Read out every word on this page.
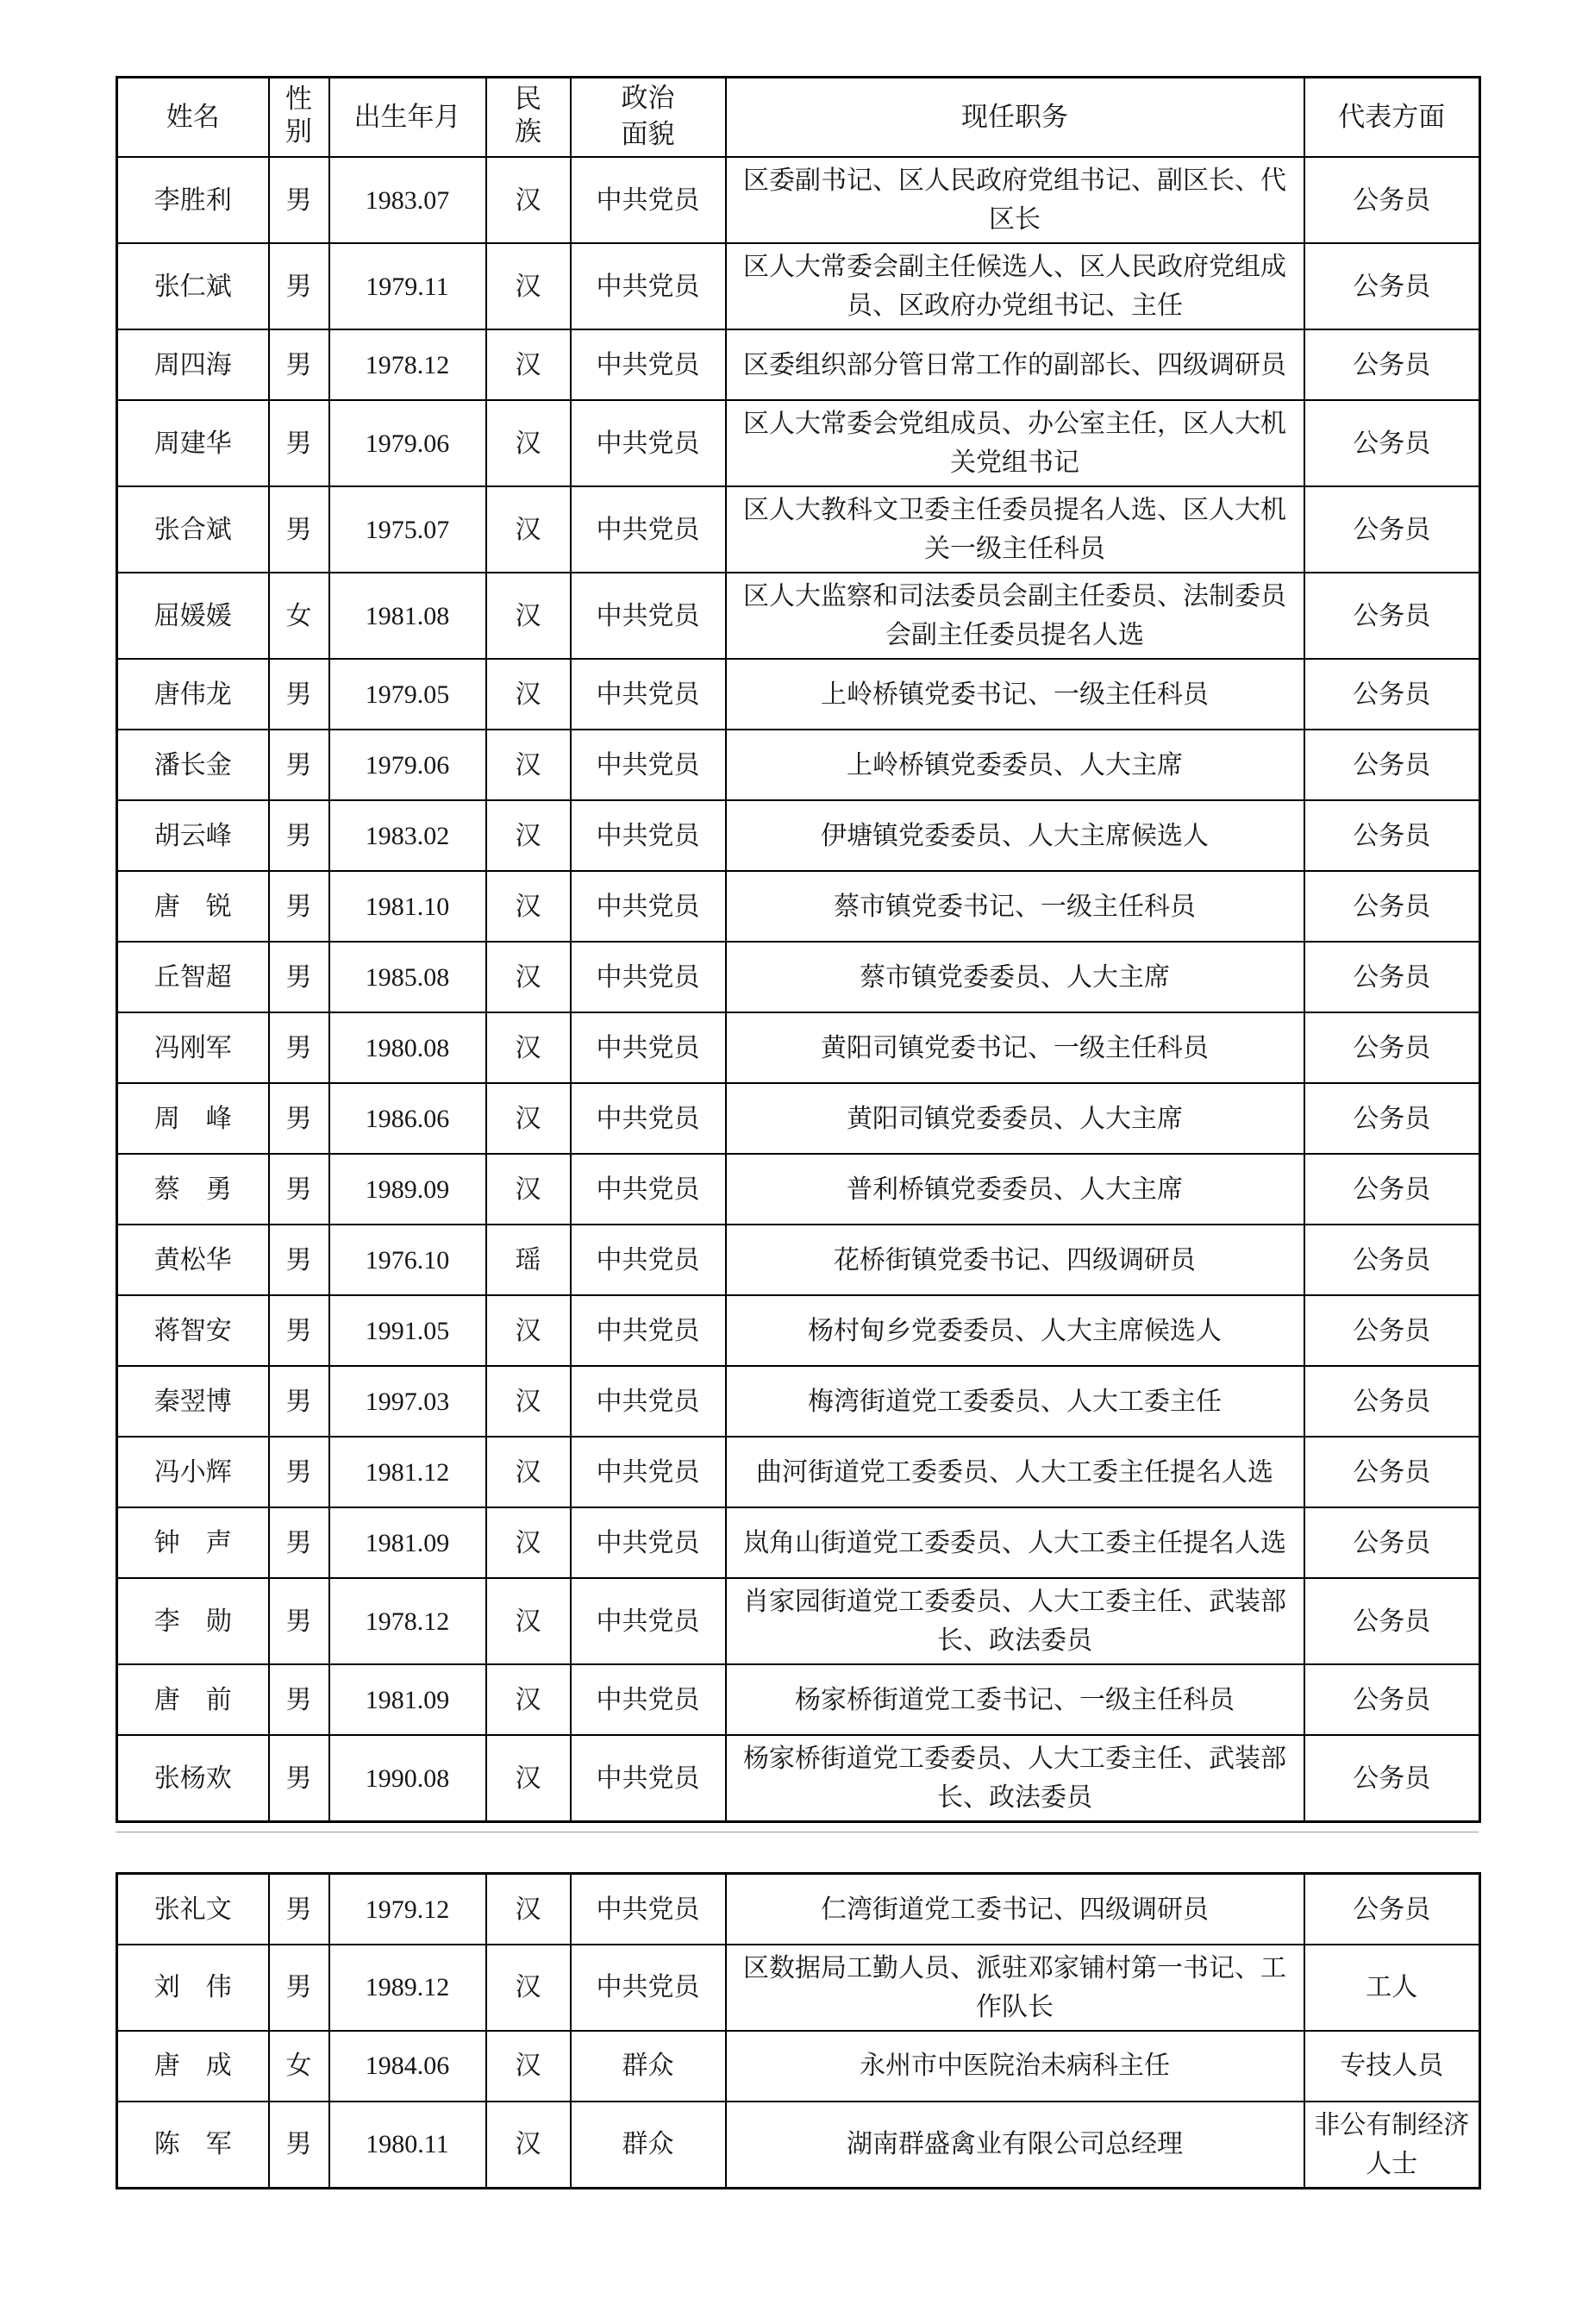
姓名	性别	出生年月	民族	政治面貌	现任职务	代表方面
李胜利	男	1983.07	汉	中共党员	区委副书记、区人民政府党组书记、副区长、代区长	公务员
张仁斌	男	1979.11	汉	中共党员	区人大常委会副主任候选人、区人民政府党组成员、区政府办党组书记、主任	公务员
周四海	男	1978.12	汉	中共党员	区委组织部分管日常工作的副部长、四级调研员	公务员
周建华	男	1979.06	汉	中共党员	区人大常委会党组成员、办公室主任，区人大机关党组书记	公务员
张合斌	男	1975.07	汉	中共党员	区人大教科文卫委主任委员提名人选、区人大机关一级主任科员	公务员
屈媛媛	女	1981.08	汉	中共党员	区人大监察和司法委员会副主任委员、法制委员会副主任委员提名人选	公务员
唐伟龙	男	1979.05	汉	中共党员	上岭桥镇党委书记、一级主任科员	公务员
潘长金	男	1979.06	汉	中共党员	上岭桥镇党委委员、人大主席	公务员
胡云峰	男	1983.02	汉	中共党员	伊塘镇党委委员、人大主席候选人	公务员
唐　锐	男	1981.10	汉	中共党员	蔡市镇党委书记、一级主任科员	公务员
丘智超	男	1985.08	汉	中共党员	蔡市镇党委委员、人大主席	公务员
冯刚军	男	1980.08	汉	中共党员	黄阳司镇党委书记、一级主任科员	公务员
周　峰	男	1986.06	汉	中共党员	黄阳司镇党委委员、人大主席	公务员
蔡　勇	男	1989.09	汉	中共党员	普利桥镇党委委员、人大主席	公务员
黄松华	男	1976.10	瑶	中共党员	花桥街镇党委书记、四级调研员	公务员
蒋智安	男	1991.05	汉	中共党员	杨村甸乡党委委员、人大主席候选人	公务员
秦翌博	男	1997.03	汉	中共党员	梅湾街道党工委委员、人大工委主任	公务员
冯小辉	男	1981.12	汉	中共党员	曲河街道党工委委员、人大工委主任提名人选	公务员
钟　声	男	1981.09	汉	中共党员	岚角山街道党工委委员、人大工委主任提名人选	公务员
李　勋	男	1978.12	汉	中共党员	肖家园街道党工委委员、人大工委主任、武装部长、政法委员	公务员
唐　前	男	1981.09	汉	中共党员	杨家桥街道党工委书记、一级主任科员	公务员
张杨欢	男	1990.08	汉	中共党员	杨家桥街道党工委委员、人大工委主任、武装部长、政法委员	公务员
张礼文	男	1979.12	汉	中共党员	仁湾街道党工委书记、四级调研员	公务员
刘　伟	男	1989.12	汉	中共党员	区数据局工勤人员、派驻邓家铺村第一书记、工作队长	工人
唐　成	女	1984.06	汉	群众	永州市中医院治未病科主任	专技人员
陈　军	男	1980.11	汉	群众	湖南群盛禽业有限公司总经理	非公有制经济人士
